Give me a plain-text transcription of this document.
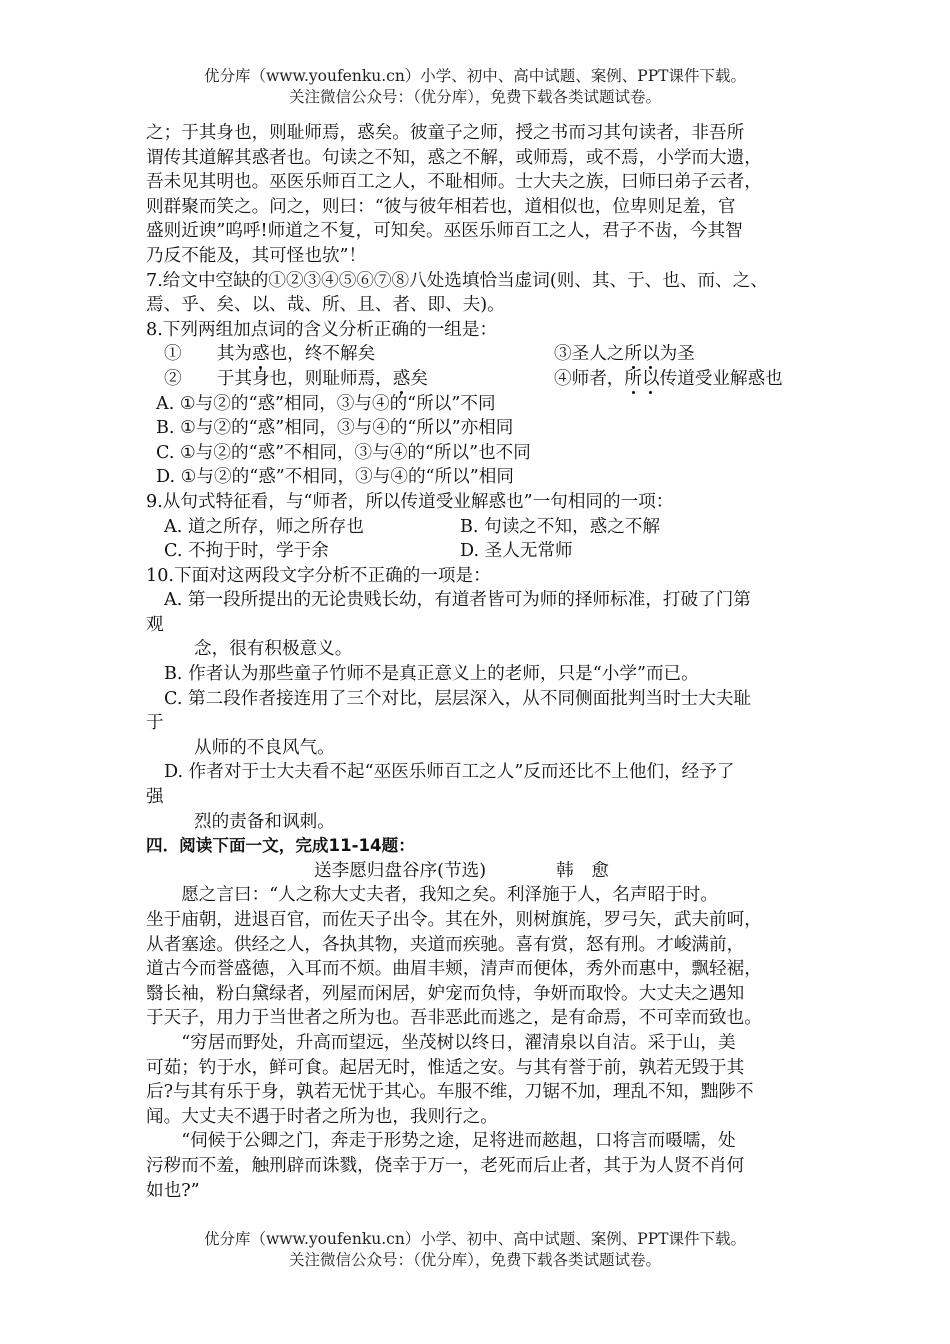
优分库（www.youfenku.cn）小学、初中、高中试题、案例、PPT课件下载。
关注微信公众号：（优分库），免费下载各类试题试卷。
之；于其身也，则耻师焉，惑矣。彼童子之师，授之书而习其句读者，非吾所
谓传其道解其惑者也。句读之不知，惑之不解，或师焉，或不焉，小学而大遗，
吾未见其明也。巫医乐师百工之人，不耻相师。士大夫之族，曰师曰弟子云者，
则群聚而笑之。问之，则曰：“彼与彼年相若也，道相似也，位卑则足羞，官
盛则近谀”呜呼!师道之不复，可知矣。巫医乐师百工之人，君子不齿，今其智
乃反不能及，其可怪也欤”！
7.给文中空缺的①②③④⑤⑥⑦⑧八处选填恰当虚词(则、其、于、也、而、之、
焉、乎、矣、以、哉、所、且、者、即、夫)。
8.下列两组加点词的含义分析正确的一组是：
①　　 其为惑也，终不解矣	③圣人之所以为圣
②　　 于其身也，则耻师焉，惑矣	④师者，所以传道受业解惑也
A. ①与②的“惑”相同，③与④的“所以”不同
B. ①与②的“惑”相同，③与④的“所以”亦相同
C. ①与②的“惑”不相同，③与④的“所以”也不同
D. ①与②的“惑”不相同，③与④的“所以”相同
9.从句式特征看，与“师者，所以传道受业解惑也”一句相同的一项：
A. 道之所存，师之所存也	B. 句读之不知，惑之不解
C. 不拘于时，学于余	D. 圣人无常师
10.下面对这两段文字分析不正确的一项是：
A. 第一段所提出的无论贵贱长幼，有道者皆可为师的择师标准，打破了门第
观
念，很有积极意义。
B. 作者认为那些童子竹师不是真正意义上的老师，只是“小学”而已。
C. 第二段作者接连用了三个对比，层层深入，从不同侧面批判当时士大夫耻
于
从师的不良风气。
D. 作者对于士大夫看不起“巫医乐师百工之人”反而还比不上他们，经予了
强
烈的责备和讽刺。
四．阅读下面一文，完成11-14题：
送李愿归盘谷序(节选)	韩　愈
　　愿之言曰：“人之称大丈夫者，我知之矣。利泽施于人，名声昭于时。
坐于庙朝，进退百官，而佐天子出令。其在外，则树旗旄，罗弓矢，武夫前呵，
从者塞途。供经之人，各执其物，夹道而疾驰。喜有赏，怒有刑。才峻满前，
道古今而誉盛德，入耳而不烦。曲眉丰颊，清声而便体，秀外而惠中，飘轻裾，
翳长袖，粉白黛绿者，列屋而闲居，妒宠而负恃，争妍而取怜。大丈夫之遇知
于天子，用力于当世者之所为也。吾非恶此而逃之，是有命焉，不可幸而致也。
　　“穷居而野处，升高而望远，坐茂树以终日，濯清泉以自洁。采于山，美
可茹；钓于水，鲜可食。起居无时，惟适之安。与其有誉于前，孰若无毁于其
后?与其有乐于身，孰若无忧于其心。车服不维，刀锯不加，理乱不知，黜陟不
闻。大丈夫不遇于时者之所为也，我则行之。
　　“伺候于公卿之门，奔走于形势之途，足将进而趑趄，口将言而嗫嚅，处
污秽而不羞，触刑辟而诛戮，侥幸于万一，老死而后止者，其于为人贤不肖何
如也?”
优分库（www.youfenku.cn）小学、初中、高中试题、案例、PPT课件下载。
关注微信公众号：（优分库），免费下载各类试题试卷。
